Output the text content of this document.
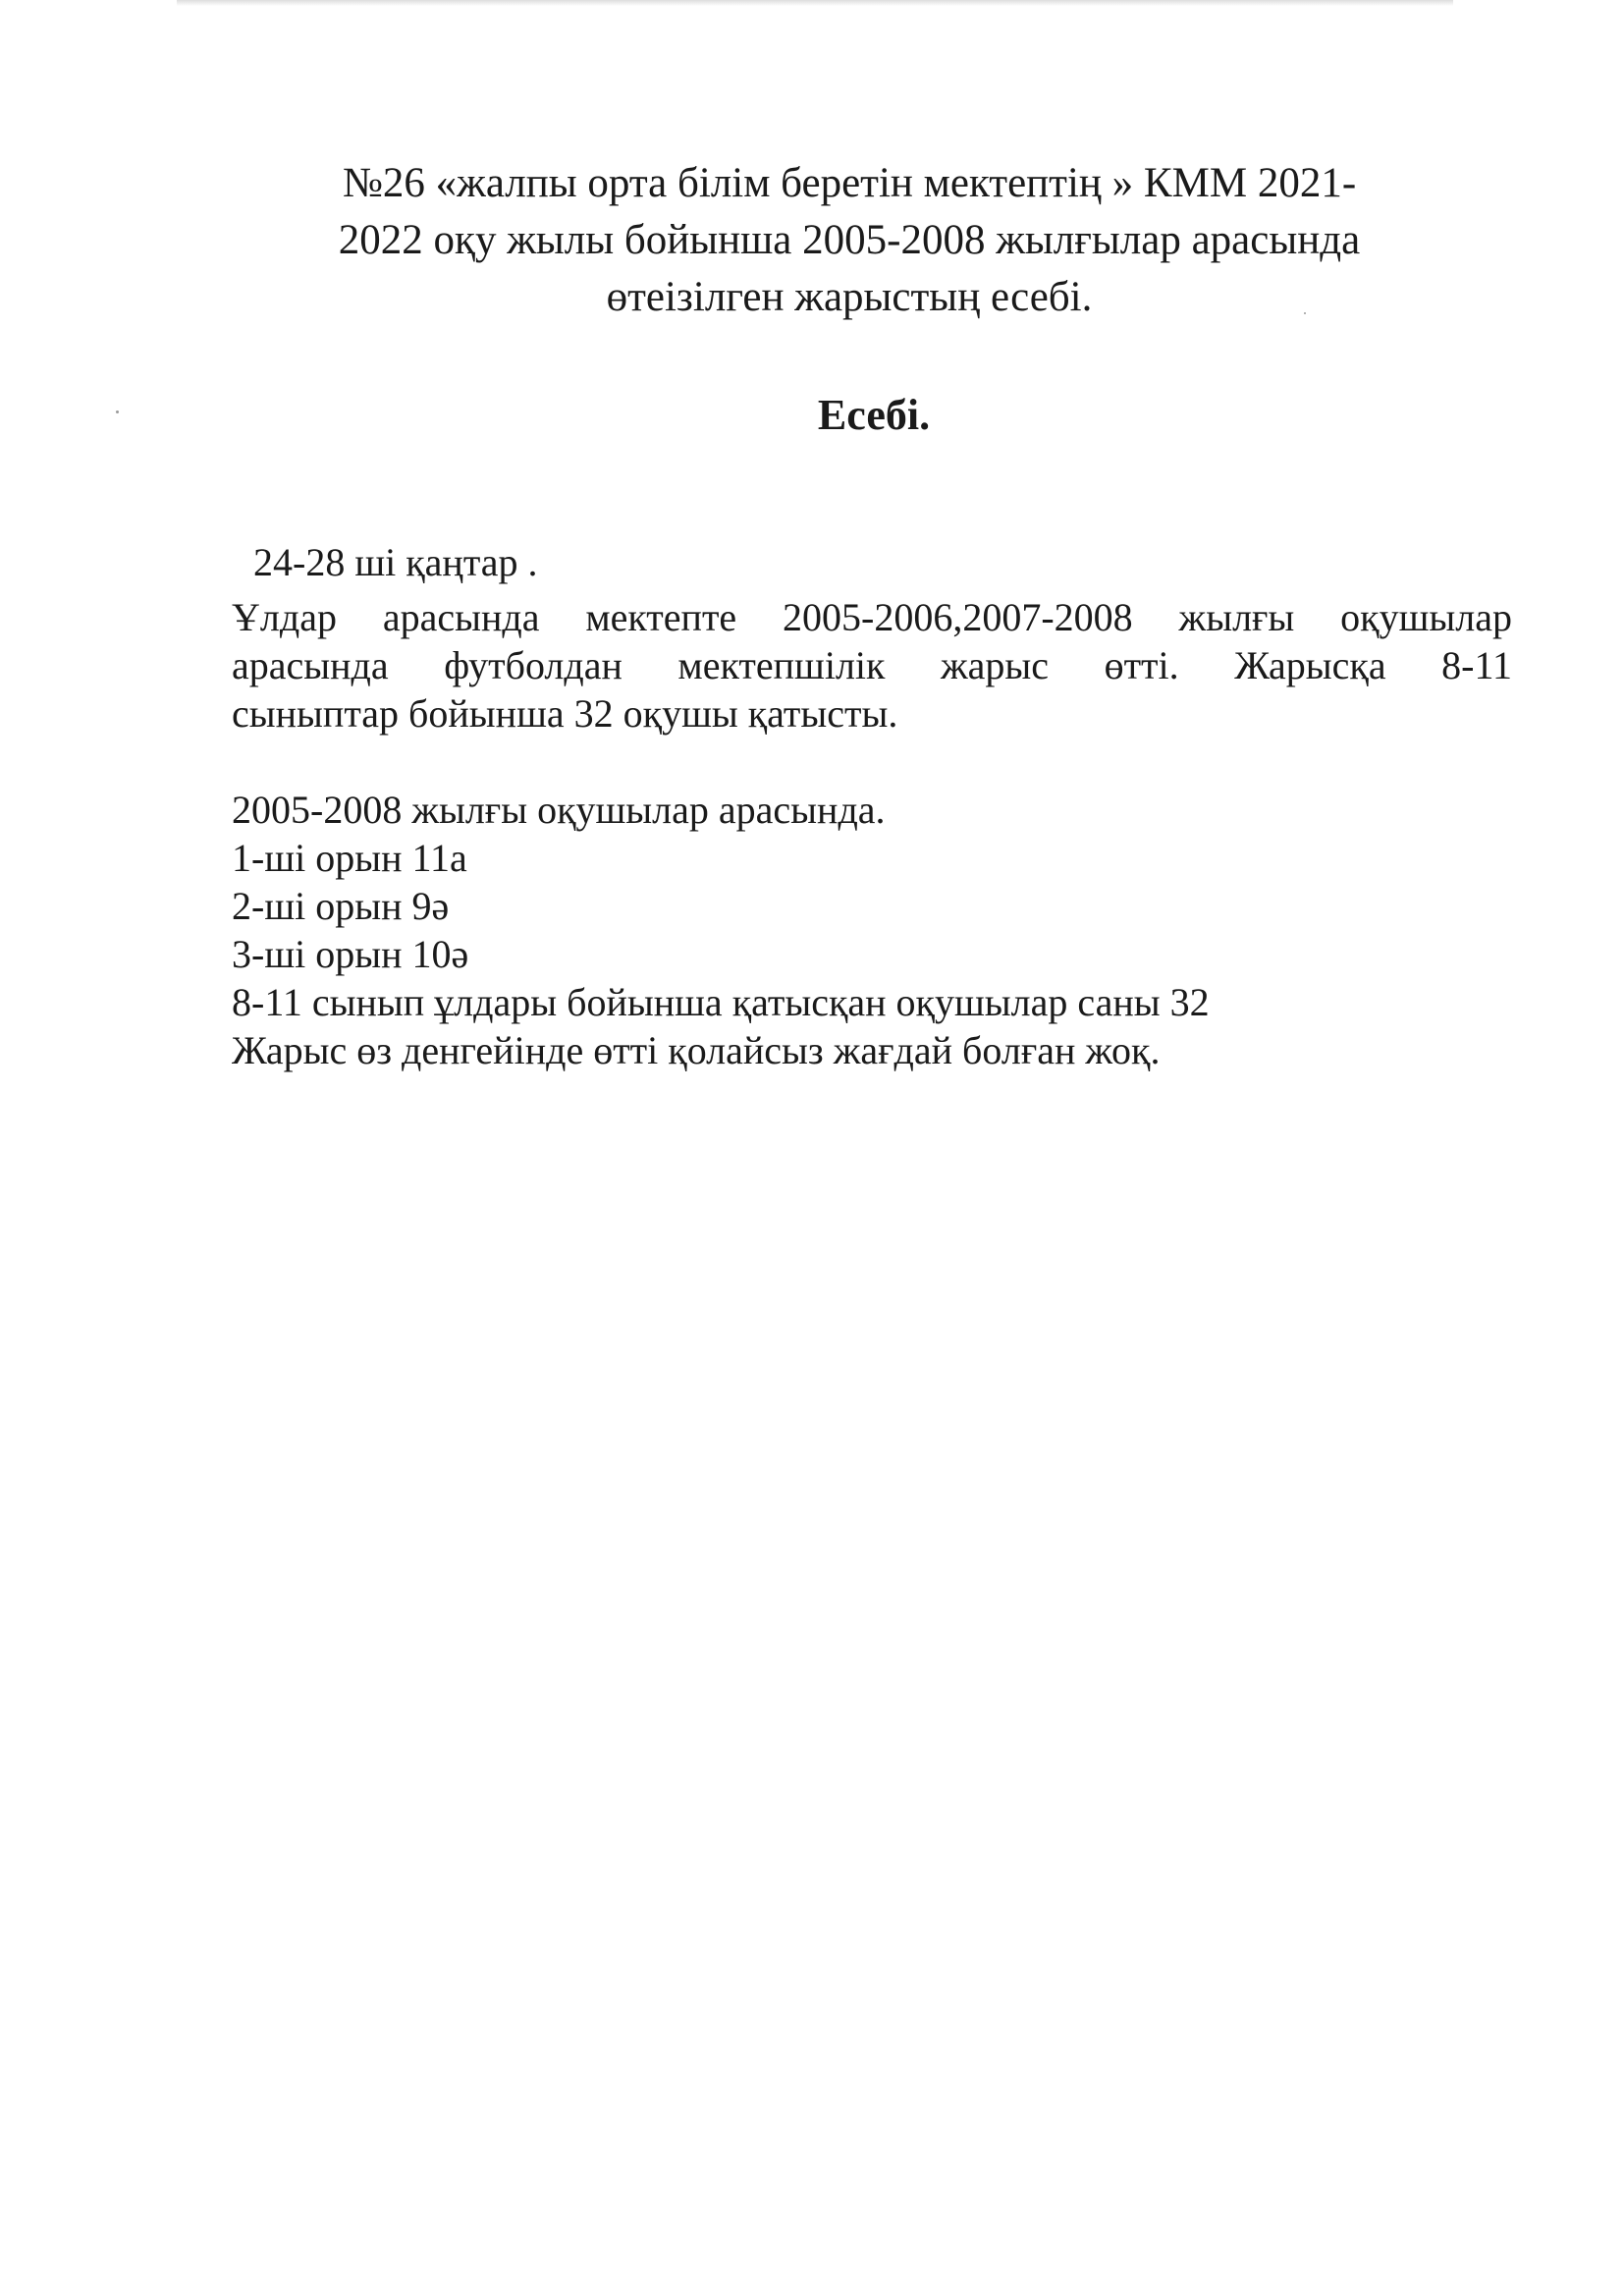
№26 «жалпы орта білім беретін мектептің » КММ 2021-
2022 оқу жылы бойынша 2005-2008 жылғылар арасында
өтеізілген жарыстың есебі.
Есебі.

24-28 ші қаңтар .

Ұлдар арасында мектепте 2005-2006,2007-2008 жылғы оқушылар
арасында футболдан мектепшілік жарыс өтті. Жарысқа 8-11
сыныптар бойынша 32 оқушы қатысты.

2005-2008 жылғы оқушылар арасында.
1-ші орын 11а
2-ші орын 9ә
3-ші орын 10ә
8-11 сынып ұлдары бойынша қатысқан оқушылар саны 32
Жарыс өз денгейінде өтті қолайсыз жағдай болған жоқ.
